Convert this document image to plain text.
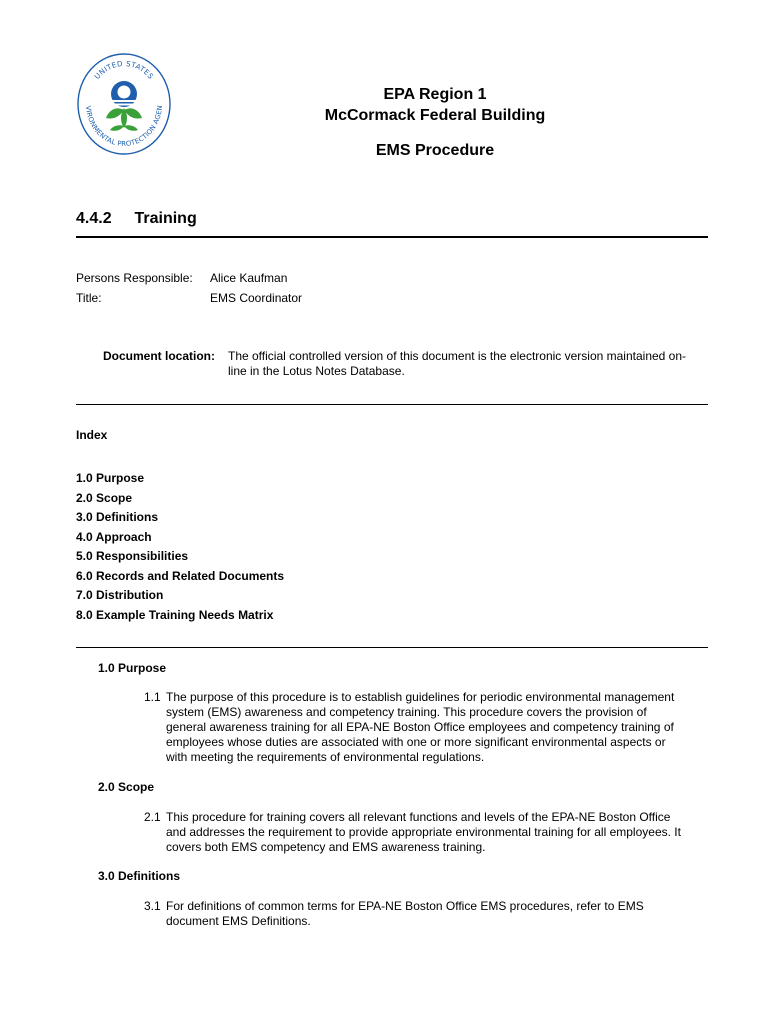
UNITED STATES
VIRONMENTAL PROTECTION AGEN
EPA Region 1
McCormack Federal Building
EMS Procedure
4.4.2 Training
Persons Responsible: Alice Kaufman
Title:	EMS Coordinator
Document location: The official controlled version of this document is the electronic version maintained on-line in the Lotus Notes Database.
Index
1.0 Purpose
2.0 Scope
3.0 Definitions
4.0 Approach
5.0 Responsibilities
6.0 Records and Related Documents
7.0 Distribution
8.0 Example Training Needs Matrix
1.0 Purpose
1.1 The purpose of this procedure is to establish guidelines for periodic environmental management system (EMS) awareness and competency training. This procedure covers the provision of general awareness training for all EPA-NE Boston Office employees and competency training of employees whose duties are associated with one or more significant environmental aspects or with meeting the requirements of environmental regulations.
2.0 Scope
2.1 This procedure for training covers all relevant functions and levels of the EPA-NE Boston Office and addresses the requirement to provide appropriate environmental training for all employees. It covers both EMS competency and EMS awareness training.
3.0 Definitions
3.1 For definitions of common terms for EPA-NE Boston Office EMS procedures, refer to EMS document EMS Definitions.
